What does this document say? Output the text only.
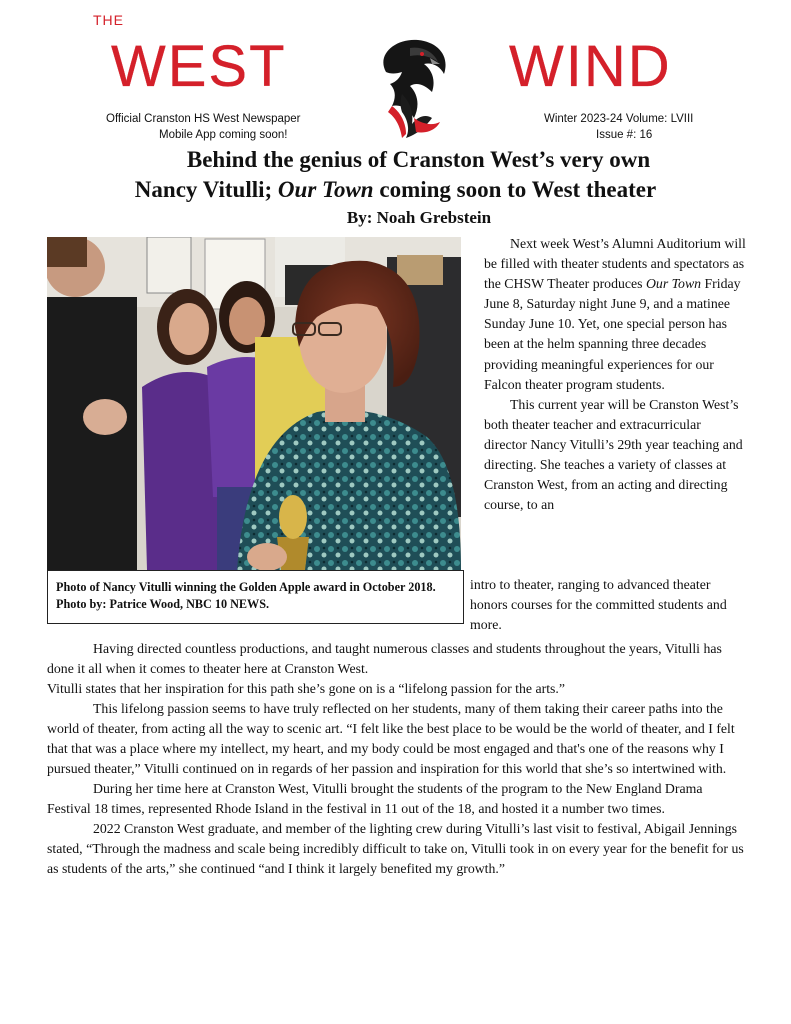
THE
WEST	WIND
Official Cranston HS West Newspaper
Mobile App coming soon!
Winter 2023-24 Volume: LVIII
Issue #: 16
Behind the genius of Cranston West’s very own
Nancy Vitulli; Our Town coming soon to West theater
By: Noah Grebstein
Photo of Nancy Vitulli winning the Golden Apple award in October 2018. Photo by: Patrice Wood, NBC 10 NEWS.

Next week West’s Alumni Auditorium will be filled with theater students and spectators as the CHSW Theater produces Our Town Friday June 8, Saturday night June 9, and a matinee Sunday June 10. Yet, one special person has been at the helm spanning three decades providing meaningful experiences for our Falcon theater program students.

This current year will be Cranston West’s both theater teacher and extracurricular director Nancy Vitulli’s 29th year teaching and directing. She teaches a variety of classes at Cranston West, from an acting and directing course, to an

intro to theater, ranging to advanced theater honors courses for the committed students and more.

Having directed countless productions, and taught numerous classes and students throughout the years, Vitulli has done it all when it comes to theater here at Cranston West.

Vitulli states that her inspiration for this path she’s gone on is a “lifelong passion for the arts.”

This lifelong passion seems to have truly reflected on her students, many of them taking their career paths into the world of theater, from acting all the way to scenic art. “I felt like the best place to be would be the world of theater, and I felt that that was a place where my intellect, my heart, and my body could be most engaged and that's one of the reasons why I pursued theater,” Vitulli continued on in regards of her passion and inspiration for this world that she’s so intertwined with.

During her time here at Cranston West, Vitulli brought the students of the program to the New England Drama Festival 18 times, represented Rhode Island in the festival in 11 out of the 18, and hosted it a number two times.

2022 Cranston West graduate, and member of the lighting crew during Vitulli’s last visit to festival, Abigail Jennings stated, “Through the madness and scale being incredibly difficult to take on, Vitulli took in on every year for the benefit for us as students of the arts,” she continued “and I think it largely benefited my growth.”
